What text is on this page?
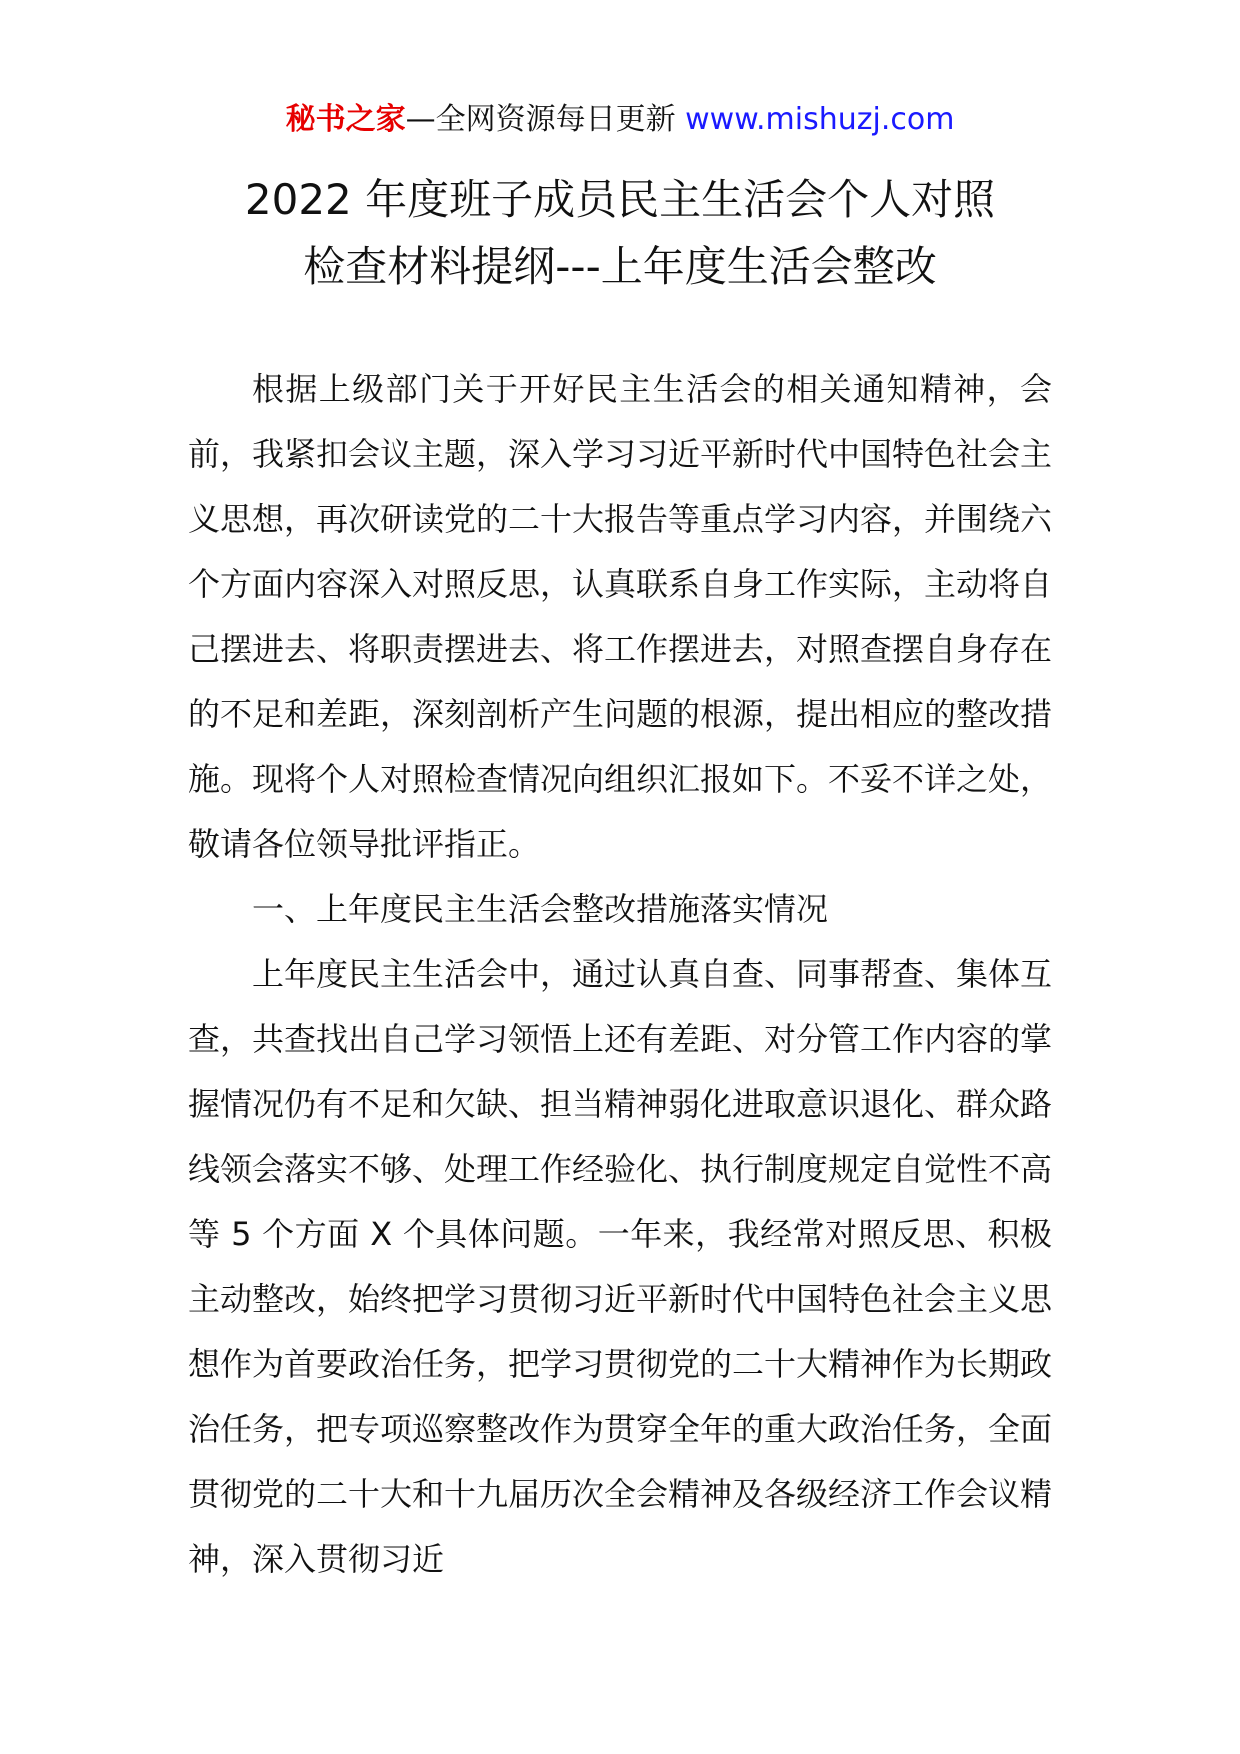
秘书之家—全网资源每日更新 www.mishuzj.com
2022 年度班子成员民主生活会个人对照
检查材料提纲---上年度生活会整改

根据上级部门关于开好民主生活会的相关通知精神，会前，我紧扣会议主题，深入学习习近平新时代中国特色社会主义思想，再次研读党的二十大报告等重点学习内容，并围绕六个方面内容深入对照反思，认真联系自身工作实际，主动将自己摆进去、将职责摆进去、将工作摆进去，对照查摆自身存在的不足和差距，深刻剖析产生问题的根源，提出相应的整改措施。现将个人对照检查情况向组织汇报如下。不妥不详之处，敬请各位领导批评指正。

一、上年度民主生活会整改措施落实情况

上年度民主生活会中，通过认真自查、同事帮查、集体互查，共查找出自己学习领悟上还有差距、对分管工作内容的掌握情况仍有不足和欠缺、担当精神弱化进取意识退化、群众路线领会落实不够、处理工作经验化、执行制度规定自觉性不高等 5 个方面 X 个具体问题。一年来，我经常对照反思、积极主动整改，始终把学习贯彻习近平新时代中国特色社会主义思想作为首要政治任务，把学习贯彻党的二十大精神作为长期政治任务，把专项巡察整改作为贯穿全年的重大政治任务，全面贯彻党的二十大和十九届历次全会精神及各级经济工作会议精神，深入贯彻习近
